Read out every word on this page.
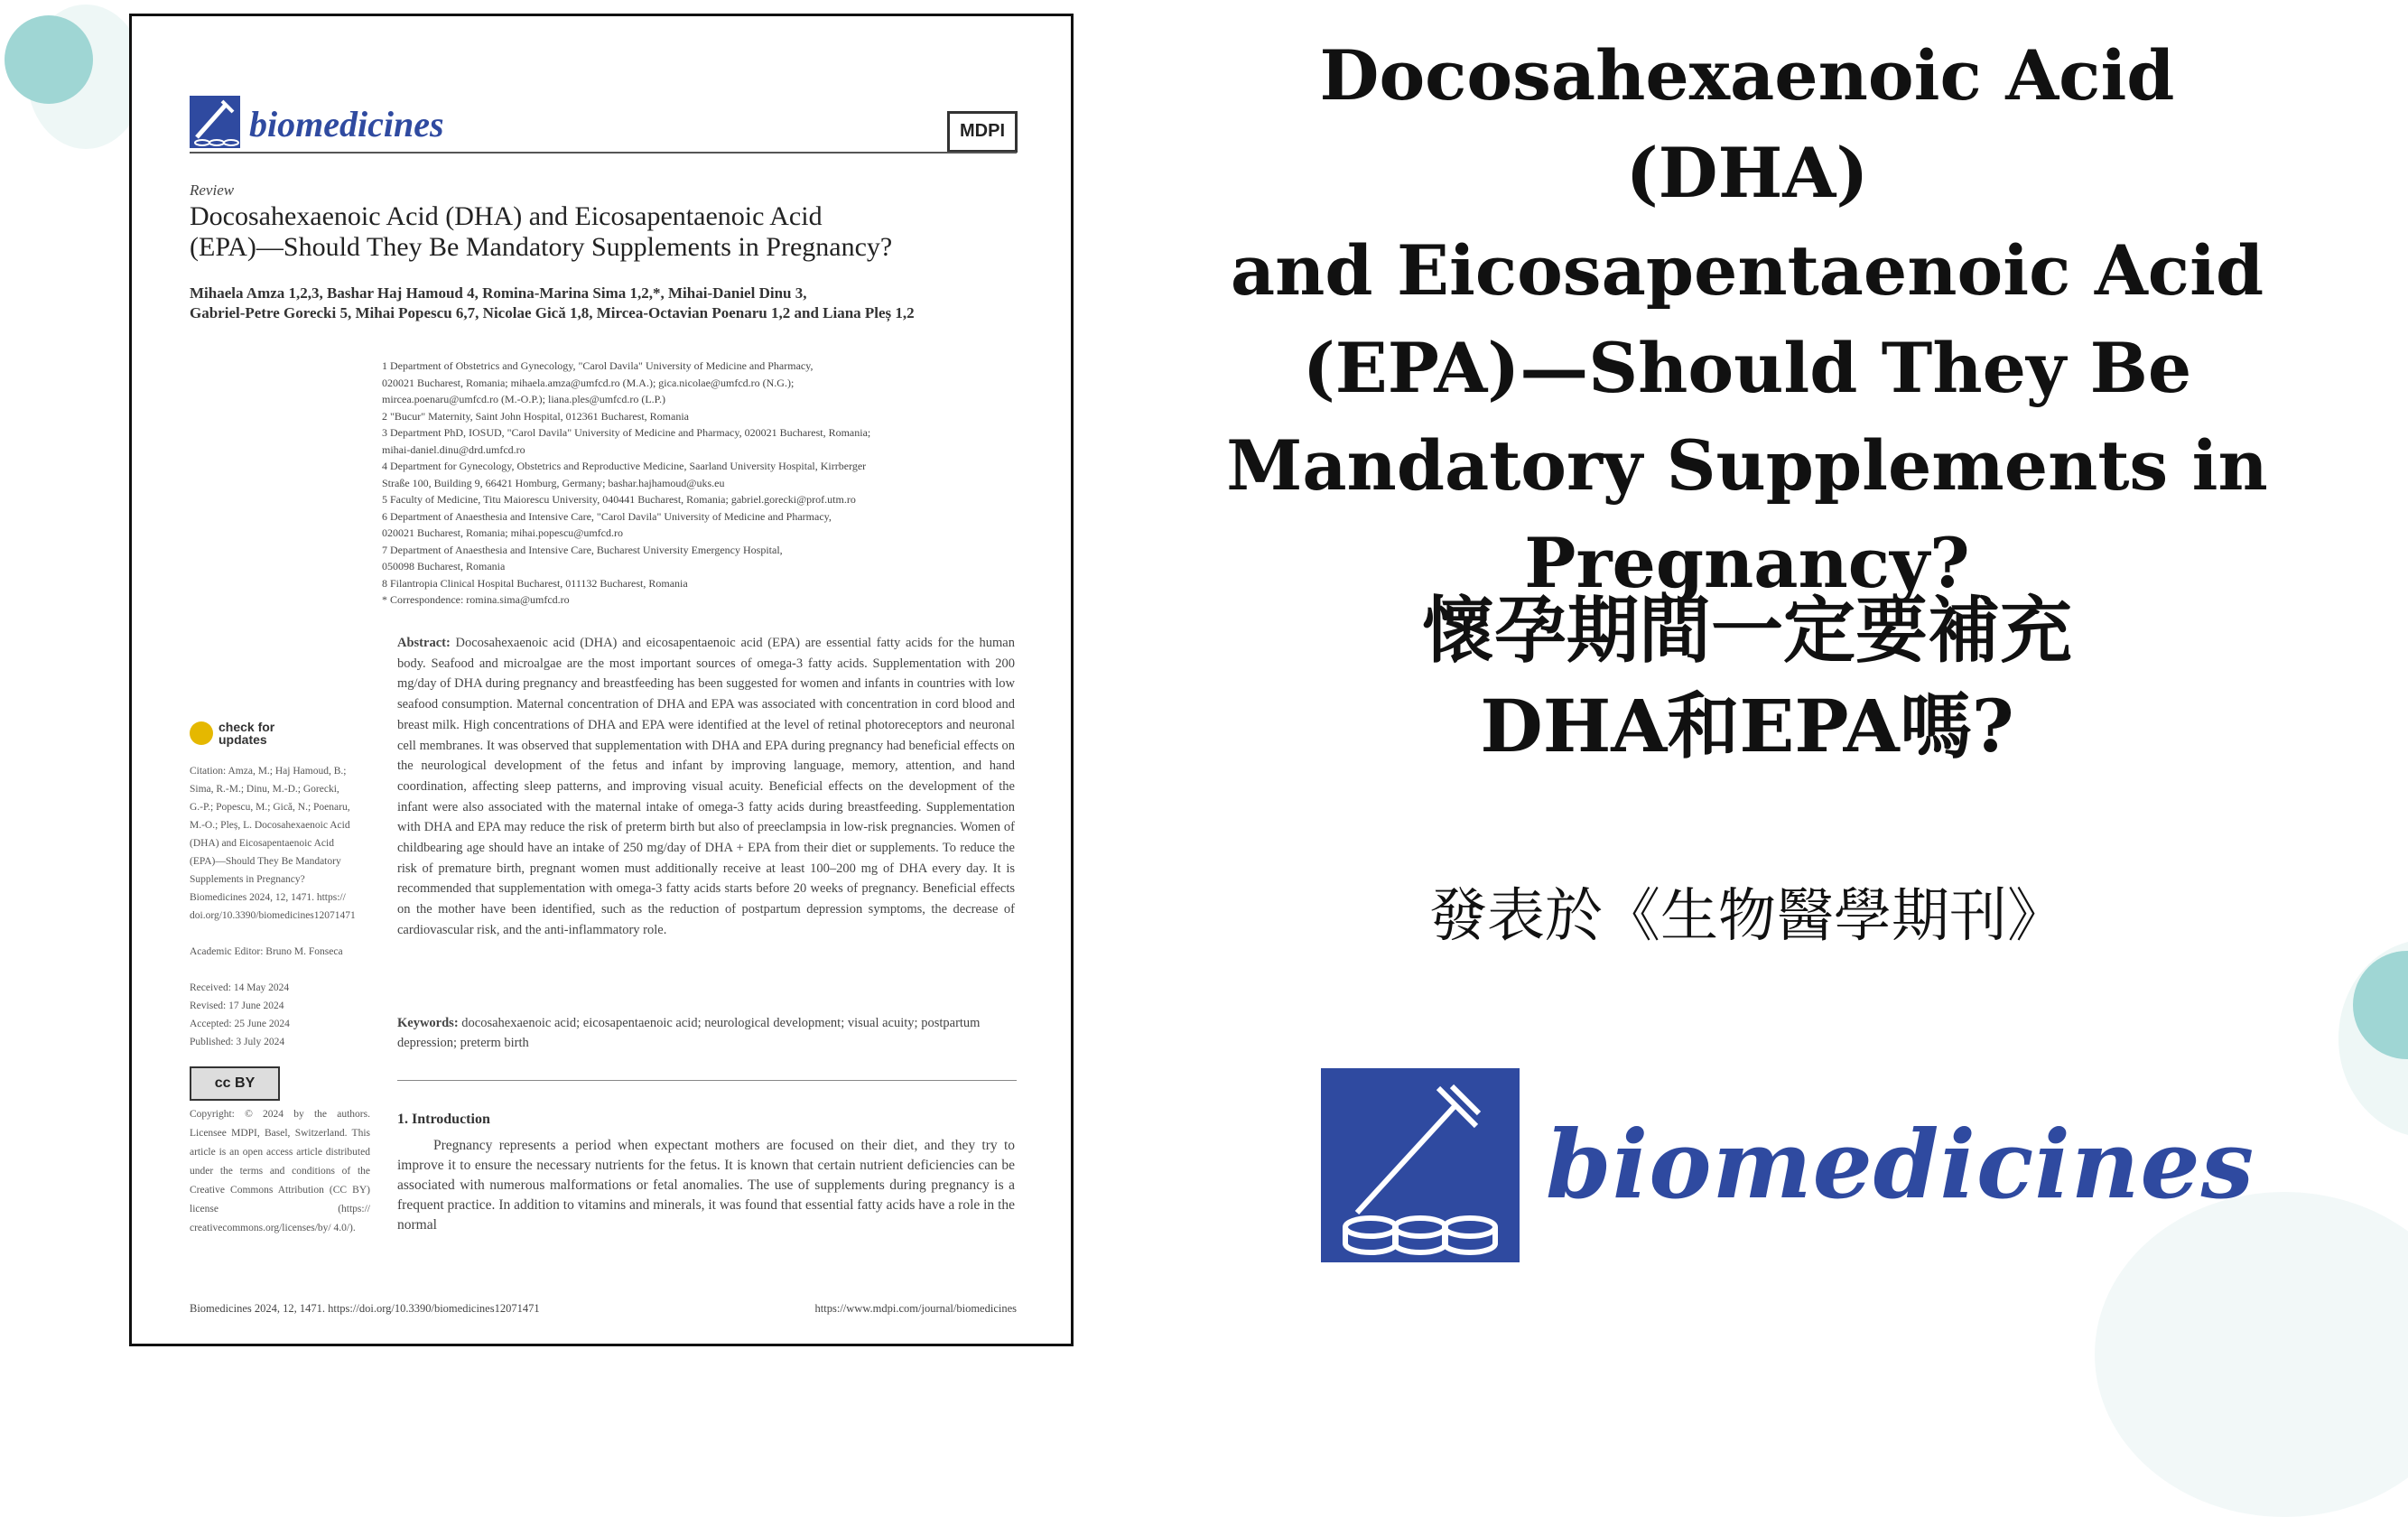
biomedicines	MDPI
Review
Docosahexaenoic Acid (DHA) and Eicosapentaenoic Acid
(EPA)—Should They Be Mandatory Supplements in Pregnancy?
Mihaela Amza 1,2,3, Bashar Haj Hamoud 4, Romina-Marina Sima 1,2,*, Mihai-Daniel Dinu 3,
Gabriel-Petre Gorecki 5, Mihai Popescu 6,7, Nicolae Gică 1,8, Mircea-Octavian Poenaru 1,2 and Liana Pleș 1,2
1 Department of Obstetrics and Gynecology, "Carol Davila" University of Medicine and Pharmacy,
020021 Bucharest, Romania; mihaela.amza@umfcd.ro (M.A.); gica.nicolae@umfcd.ro (N.G.);
mircea.poenaru@umfcd.ro (M.-O.P.); liana.ples@umfcd.ro (L.P.)
2 "Bucur" Maternity, Saint John Hospital, 012361 Bucharest, Romania
3 Department PhD, IOSUD, "Carol Davila" University of Medicine and Pharmacy, 020021 Bucharest, Romania;
mihai-daniel.dinu@drd.umfcd.ro
4 Department for Gynecology, Obstetrics and Reproductive Medicine, Saarland University Hospital, Kirrberger
Straße 100, Building 9, 66421 Homburg, Germany; bashar.hajhamoud@uks.eu
5 Faculty of Medicine, Titu Maiorescu University, 040441 Bucharest, Romania; gabriel.gorecki@prof.utm.ro
6 Department of Anaesthesia and Intensive Care, "Carol Davila" University of Medicine and Pharmacy,
020021 Bucharest, Romania; mihai.popescu@umfcd.ro
7 Department of Anaesthesia and Intensive Care, Bucharest University Emergency Hospital,
050098 Bucharest, Romania
8 Filantropia Clinical Hospital Bucharest, 011132 Bucharest, Romania
* Correspondence: romina.sima@umfcd.ro
Abstract: Docosahexaenoic acid (DHA) and eicosapentaenoic acid (EPA) are essential fatty acids for the human body. Seafood and microalgae are the most important sources of omega-3 fatty acids. Supplementation with 200 mg/day of DHA during pregnancy and breastfeeding has been suggested for women and infants in countries with low seafood consumption. Maternal concentration of DHA and EPA was associated with concentration in cord blood and breast milk. High concentrations of DHA and EPA were identified at the level of retinal photoreceptors and neuronal cell membranes. It was observed that supplementation with DHA and EPA during pregnancy had beneficial effects on the neurological development of the fetus and infant by improving language, memory, attention, and hand coordination, affecting sleep patterns, and improving visual acuity. Beneficial effects on the development of the infant were also associated with the maternal intake of omega-3 fatty acids during breastfeeding. Supplementation with DHA and EPA may reduce the risk of preterm birth but also of preeclampsia in low-risk pregnancies. Women of childbearing age should have an intake of 250 mg/day of DHA + EPA from their diet or supplements. To reduce the risk of premature birth, pregnant women must additionally receive at least 100–200 mg of DHA every day. It is recommended that supplementation with omega-3 fatty acids starts before 20 weeks of pregnancy. Beneficial effects on the mother have been identified, such as the reduction of postpartum depression symptoms, the decrease of cardiovascular risk, and the anti-inflammatory role.
check for
updates
Citation: Amza, M.; Haj Hamoud, B.;
Sima, R.-M.; Dinu, M.-D.; Gorecki,
G.-P.; Popescu, M.; Gică, N.; Poenaru,
M.-O.; Pleș, L. Docosahexaenoic Acid
(DHA) and Eicosapentaenoic Acid
(EPA)—Should They Be Mandatory
Supplements in Pregnancy?
Biomedicines 2024, 12, 1471. https://
doi.org/10.3390/biomedicines12071471
Academic Editor: Bruno M. Fonseca
Received: 14 May 2024
Revised: 17 June 2024
Accepted: 25 June 2024
Published: 3 July 2024
Keywords: docosahexaenoic acid; eicosapentaenoic acid; neurological development; visual acuity; postpartum depression; preterm birth
cc BY
Copyright: © 2024 by the authors. Licensee MDPI, Basel, Switzerland. This article is an open access article distributed under the terms and conditions of the Creative Commons Attribution (CC BY) license (https:// creativecommons.org/licenses/by/ 4.0/).
1. Introduction
Pregnancy represents a period when expectant mothers are focused on their diet, and they try to improve it to ensure the necessary nutrients for the fetus. It is known that certain nutrient deficiencies can be associated with numerous malformations or fetal anomalies. The use of supplements during pregnancy is a frequent practice. In addition to vitamins and minerals, it was found that essential fatty acids have a role in the normal
Biomedicines 2024, 12, 1471. https://doi.org/10.3390/biomedicines12071471	https://www.mdpi.com/journal/biomedicines
Docosahexaenoic Acid (DHA)
and Eicosapentaenoic Acid
(EPA)—Should They Be
Mandatory Supplements in
Pregnancy?
懷孕期間一定要補充
DHA和EPA嗎?
發表於《生物醫學期刊》
biomedicines
